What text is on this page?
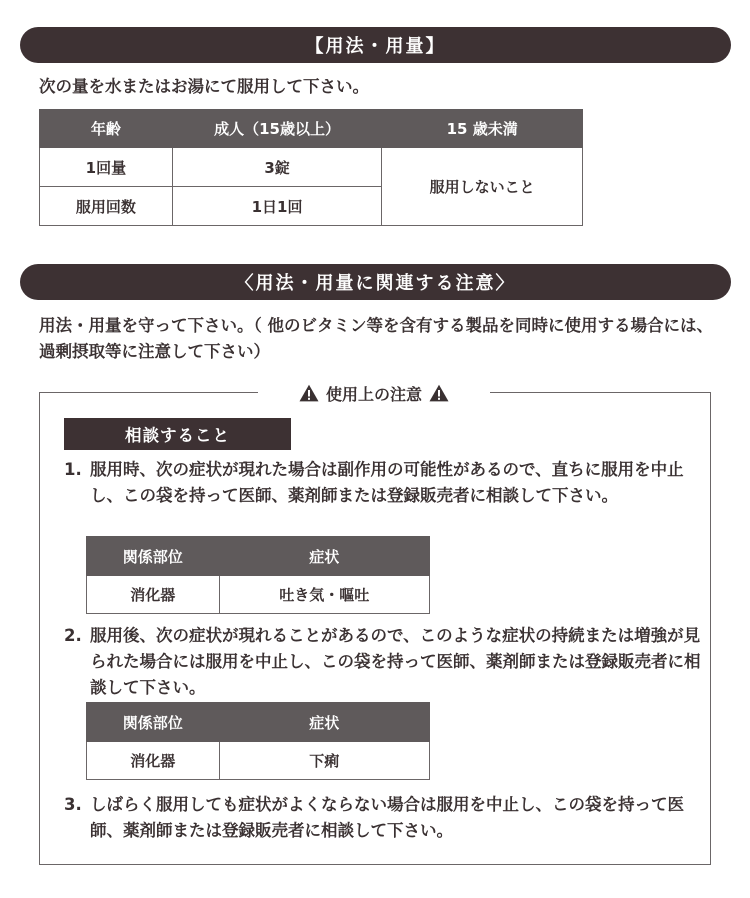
【用法・用量】
次の量を水またはお湯にて服用して下さい。
年齢	成人（15歳以上）	15 歳未満
1回量	3錠	服用しないこと
服用回数	1日1回	
〈用法・用量に関連する注意〉
用法・用量を守って下さい。（ 他のビタミン等を含有する製品を同時に使用する場合には、過剰摂取等に注意して下さい）
使用上の注意
相談すること
1. 服用時、次の症状が現れた場合は副作用の可能性があるので、直ちに服用を中止し、この袋を持って医師、薬剤師または登録販売者に相談して下さい。
関係部位	症状
消化器	吐き気・嘔吐
2. 服用後、次の症状が現れることがあるので、このような症状の持続または増強が見られた場合には服用を中止し、この袋を持って医師、薬剤師または登録販売者に相談して下さい。
関係部位	症状
消化器	下痢
3. しばらく服用しても症状がよくならない場合は服用を中止し、この袋を持って医師、薬剤師または登録販売者に相談して下さい。
